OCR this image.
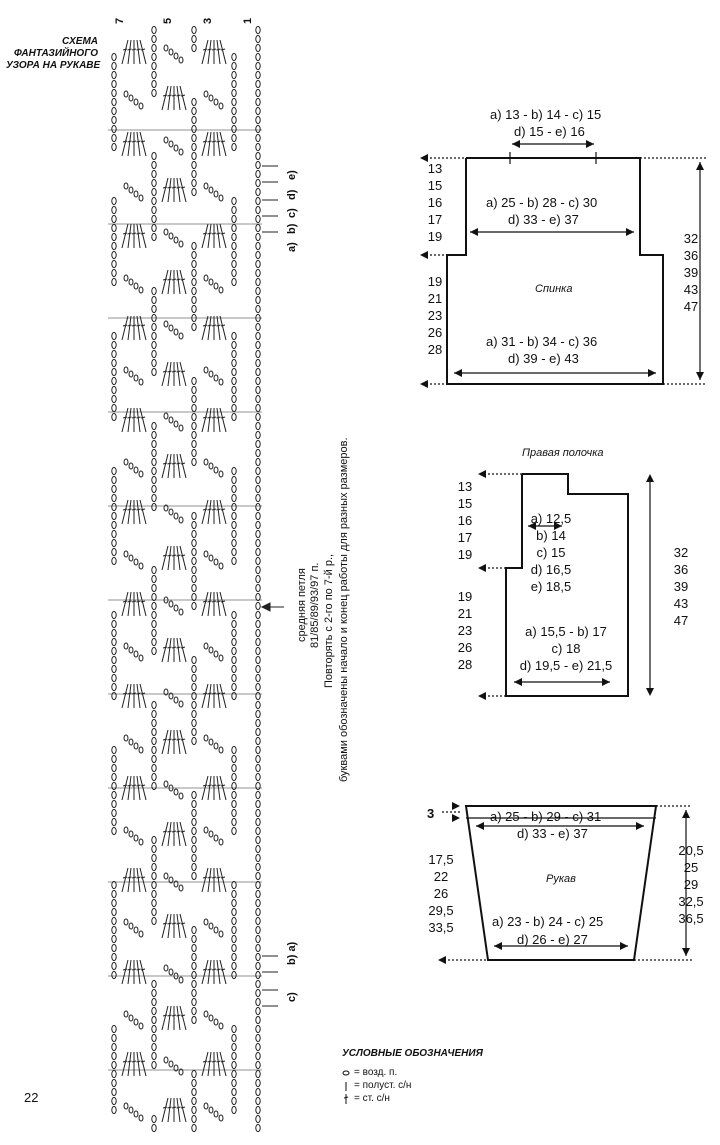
СХЕМА
ФАНТАЗИЙНОГО
УЗОРА НА РУКАВЕ
7	5	3	1
e)
d)
c)
b)
a)
b) a)
c)
средняя петля 81/85/89/93/97 п. Повторять с 2-го по 7-й р., буквами обозначены начало и конец работы для разных размеров.
a) 13 - b) 14 - c) 15
d) 15 - e) 16
a) 25 - b) 28 - c) 30
d) 33 - e) 37
Спинка
a) 31 - b) 34 - c) 36
d) 39 - e) 43
13
15
16
17
19
19
21
23
26
28
32
36
39
43
47
Правая полочка
a) 12,5
b) 14
c) 15
d) 16,5
e) 18,5
a) 15,5 - b) 17
c) 18
d) 19,5 - e) 21,5
13
15
16
17
19
19
21
23
26
28
32
36
39
43
47
3	a) 25 - b) 29 - c) 31
d) 33 - e) 37
Рукав
a) 23 - b) 24 - c) 25
d) 26 - e) 27
17,5
22
26
29,5
33,5
20,5
25
29
32,5
36,5
УСЛОВНЫЕ ОБОЗНАЧЕНИЯ
= возд. п.
= полуст. с/н
= ст. с/н
22
